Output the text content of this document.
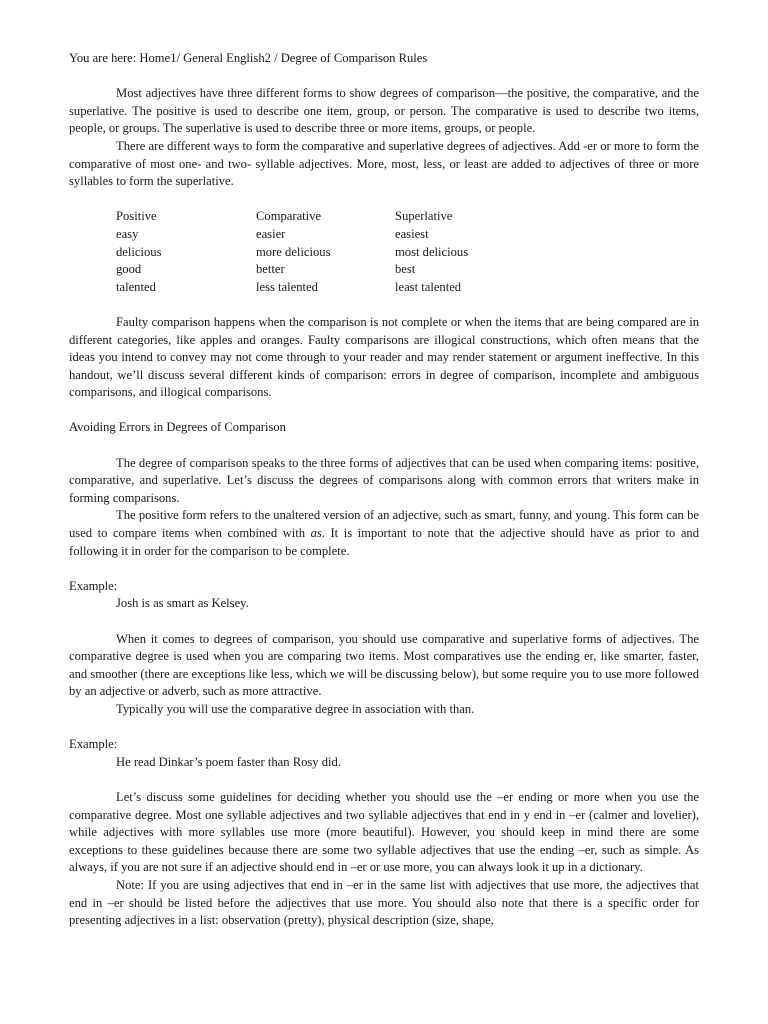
You are here: Home1/ General English2 / Degree of Comparison Rules

Most adjectives have three different forms to show degrees of comparison—the positive, the comparative, and the superlative. The positive is used to describe one item, group, or person. The comparative is used to describe two items, people, or groups. The superlative is used to describe three or more items, groups, or people.

There are different ways to form the comparative and superlative degrees of adjectives. Add -er or more to form the comparative of most one- and two- syllable adjectives. More, most, less, or least are added to adjectives of three or more syllables to form the superlative.

Positive	Comparative	Superlative
easy	easier	easiest
delicious	more delicious	most delicious
good	better	best
talented	less talented	least talented

Faulty comparison happens when the comparison is not complete or when the items that are being compared are in different categories, like apples and oranges. Faulty comparisons are illogical constructions, which often means that the ideas you intend to convey may not come through to your reader and may render statement or argument ineffective. In this handout, we’ll discuss several different kinds of comparison: errors in degree of comparison, incomplete and ambiguous comparisons, and illogical comparisons.

Avoiding Errors in Degrees of Comparison

The degree of comparison speaks to the three forms of adjectives that can be used when comparing items: positive, comparative, and superlative. Let’s discuss the degrees of comparisons along with common errors that writers make in forming comparisons.

The positive form refers to the unaltered version of an adjective, such as smart, funny, and young. This form can be used to compare items when combined with as. It is important to note that the adjective should have as prior to and following it in order for the comparison to be complete.

Example:

Josh is as smart as Kelsey.

When it comes to degrees of comparison, you should use comparative and superlative forms of adjectives. The comparative degree is used when you are comparing two items. Most comparatives use the ending er, like smarter, faster, and smoother (there are exceptions like less, which we will be discussing below), but some require you to use more followed by an adjective or adverb, such as more attractive.

Typically you will use the comparative degree in association with than.

Example:

He read Dinkar’s poem faster than Rosy did.

Let’s discuss some guidelines for deciding whether you should use the –er ending or more when you use the comparative degree. Most one syllable adjectives and two syllable adjectives that end in y end in –er (calmer and lovelier), while adjectives with more syllables use more (more beautiful). However, you should keep in mind there are some exceptions to these guidelines because there are some two syllable adjectives that use the ending –er, such as simple. As always, if you are not sure if an adjective should end in –er or use more, you can always look it up in a dictionary.

Note: If you are using adjectives that end in –er in the same list with adjectives that use more, the adjectives that end in –er should be listed before the adjectives that use more. You should also note that there is a specific order for presenting adjectives in a list: observation (pretty), physical description (size, shape,
